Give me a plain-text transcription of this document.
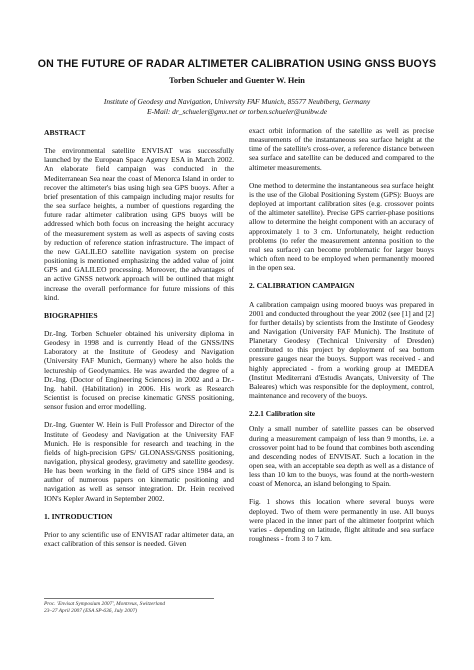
ON THE FUTURE OF RADAR ALTIMETER CALIBRATION USING GNSS BUOYS
Torben Schueler and Guenter W. Hein
Institute of Geodesy and Navigation, University FAF Munich, 85577 Neubiberg, Germany
E-Mail: dr_schueler@gmx.net or torben.schueler@unibw.de
ABSTRACT

The environmental satellite ENVISAT was successfully launched by the European Space Agency ESA in March 2002. An elaborate field campaign was conducted in the Mediterranean Sea near the coast of Menorca Island in order to recover the altimeter's bias using high sea GPS buoys. After a brief presentation of this campaign including major results for the sea surface heights, a number of questions regarding the future radar altimeter calibration using GPS buoys will be addressed which both focus on increasing the height accuracy of the measurement system as well as aspects of saving costs by reduction of reference station infrastructure. The impact of the new GALILEO satellite navigation system on precise positioning is mentioned emphasizing the added value of joint GPS and GALILEO processing. Moreover, the advantages of an active GNSS network approach will be outlined that might increase the overall performance for future missions of this kind.

BIOGRAPHIES

Dr.-Ing. Torben Schueler obtained his university diploma in Geodesy in 1998 and is currently Head of the GNSS/INS Laboratory at the Institute of Geodesy and Navigation (University FAF Munich, Germany) where he also holds the lectureship of Geodynamics. He was awarded the degree of a Dr.-Ing. (Doctor of Engineering Sciences) in 2002 and a Dr.-Ing. habil. (Habilitation) in 2006. His work as Research Scientist is focused on precise kinematic GNSS positioning, sensor fusion and error modelling.

Dr.-Ing. Guenter W. Hein is Full Professor and Director of the Institute of Geodesy and Navigation at the University FAF Munich. He is responsible for research and teaching in the fields of high-precision GPS/ GLONASS/GNSS positioning, navigation, physical geodesy, gravimetry and satellite geodesy. He has been working in the field of GPS since 1984 and is author of numerous papers on kinematic positioning and navigation as well as sensor integration. Dr. Hein received ION's Kepler Award in September 2002.

1. INTRODUCTION

Prior to any scientific use of ENVISAT radar altimeter data, an exact calibration of this sensor is needed. Given

exact orbit information of the satellite as well as precise measurements of the instantaneous sea surface height at the time of the satellite's cross-over, a reference distance between sea surface and satellite can be deduced and compared to the altimeter measurements.

One method to determine the instantaneous sea surface height is the use of the Global Positioning System (GPS): Buoys are deployed at important calibration sites (e.g. crossover points of the altimeter satellite). Precise GPS carrier-phase positions allow to determine the height component with an accuracy of approximately 1 to 3 cm. Unfortunately, height reduction problems (to refer the measurement antenna position to the real sea surface) can become problematic for larger buoys which often need to be employed when permanently moored in the open sea.

2. CALIBRATION CAMPAIGN

A calibration campaign using moored buoys was prepared in 2001 and conducted throughout the year 2002 (see [1] and [2] for further details) by scientists from the Institute of Geodesy and Navigation (University FAF Munich). The Institute of Planetary Geodesy (Technical University of Dresden) contributed to this project by deployment of sea bottom pressure gauges near the buoys. Support was received - and highly appreciated - from a working group at IMEDEA (Institut Mediterrani d'Estudis Avançats, University of The Baleares) which was responsible for the deployment, control, maintenance and recovery of the buoys.

2.2.1 Calibration site

Only a small number of satellite passes can be observed during a measurement campaign of less than 9 months, i.e. a crossover point had to be found that combines both ascending and descending nodes of ENVISAT. Such a location in the open sea, with an acceptable sea depth as well as a distance of less than 10 km to the buoys, was found at the north-western coast of Menorca, an island belonging to Spain.

Fig. 1 shows this location where several buoys were deployed. Two of them were permanently in use. All buoys were placed in the inner part of the altimeter footprint which varies - depending on latitude, flight altitude and sea surface roughness - from 3 to 7 km.

Proc. 'Envisat Symposium 2007', Montreux, Switzerland
23–27 April 2007 (ESA SP-636, July 2007)
